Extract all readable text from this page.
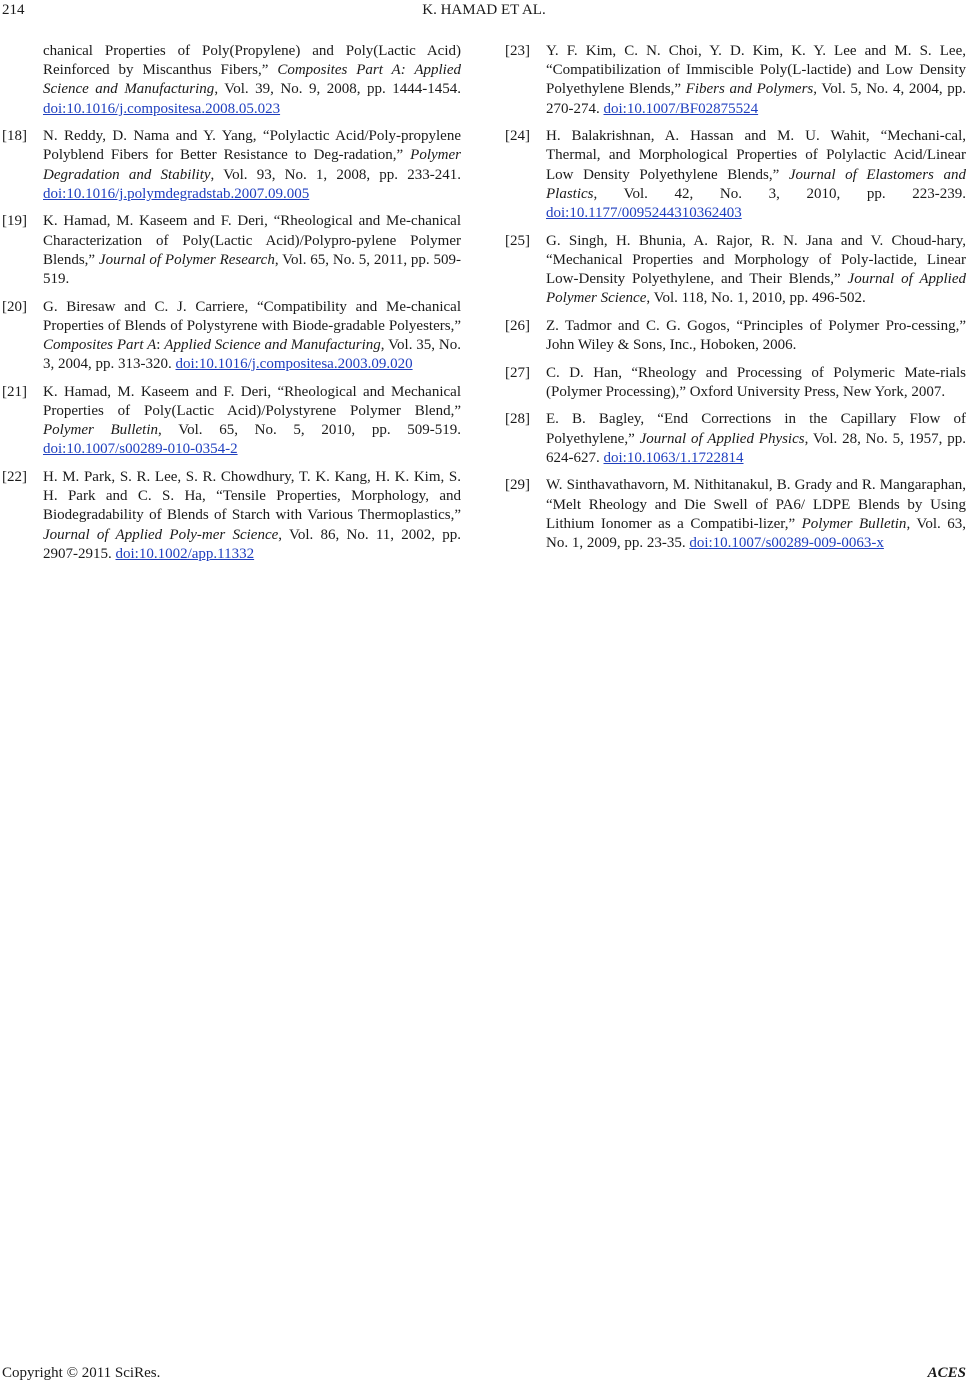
214	K. HAMAD ET AL.
chanical Properties of Poly(Propylene) and Poly(Lactic Acid) Reinforced by Miscanthus Fibers,” Composites Part A: Applied Science and Manufacturing, Vol. 39, No. 9, 2008, pp. 1444-1454. doi:10.1016/j.compositesa.2008.05.023
[18]	N. Reddy, D. Nama and Y. Yang, “Polylactic Acid/Poly-propylene Polyblend Fibers for Better Resistance to Deg-radation,” Polymer Degradation and Stability, Vol. 93, No. 1, 2008, pp. 233-241. doi:10.1016/j.polymdegradstab.2007.09.005
[19]	K. Hamad, M. Kaseem and F. Deri, “Rheological and Me-chanical Characterization of Poly(Lactic Acid)/Polypro-pylene Polymer Blends,” Journal of Polymer Research, Vol. 65, No. 5, 2011, pp. 509-519.
[20]	G. Biresaw and C. J. Carriere, “Compatibility and Me-chanical Properties of Blends of Polystyrene with Biode-gradable Polyesters,” Composites Part A: Applied Science and Manufacturing, Vol. 35, No. 3, 2004, pp. 313-320. doi:10.1016/j.compositesa.2003.09.020
[21]	K. Hamad, M. Kaseem and F. Deri, “Rheological and Mechanical Properties of Poly(Lactic Acid)/Polystyrene Polymer Blend,” Polymer Bulletin, Vol. 65, No. 5, 2010, pp. 509-519. doi:10.1007/s00289-010-0354-2
[22]	H. M. Park, S. R. Lee, S. R. Chowdhury, T. K. Kang, H. K. Kim, S. H. Park and C. S. Ha, “Tensile Properties, Morphology, and Biodegradability of Blends of Starch with Various Thermoplastics,” Journal of Applied Poly-mer Science, Vol. 86, No. 11, 2002, pp. 2907-2915. doi:10.1002/app.11332
[23]	Y. F. Kim, C. N. Choi, Y. D. Kim, K. Y. Lee and M. S. Lee, “Compatibilization of Immiscible Poly(L-lactide) and Low Density Polyethylene Blends,” Fibers and Polymers, Vol. 5, No. 4, 2004, pp. 270-274. doi:10.1007/BF02875524
[24]	H. Balakrishnan, A. Hassan and M. U. Wahit, “Mechani-cal, Thermal, and Morphological Properties of Polylactic Acid/Linear Low Density Polyethylene Blends,” Journal of Elastomers and Plastics, Vol. 42, No. 3, 2010, pp. 223-239. doi:10.1177/0095244310362403
[25]	G. Singh, H. Bhunia, A. Rajor, R. N. Jana and V. Choud-hary, “Mechanical Properties and Morphology of Poly-lactide, Linear Low-Density Polyethylene, and Their Blends,” Journal of Applied Polymer Science, Vol. 118, No. 1, 2010, pp. 496-502.
[26]	Z. Tadmor and C. G. Gogos, “Principles of Polymer Pro-cessing,” John Wiley & Sons, Inc., Hoboken, 2006.
[27]	C. D. Han, “Rheology and Processing of Polymeric Mate-rials (Polymer Processing),” Oxford University Press, New York, 2007.
[28]	E. B. Bagley, “End Corrections in the Capillary Flow of Polyethylene,” Journal of Applied Physics, Vol. 28, No. 5, 1957, pp. 624-627. doi:10.1063/1.1722814
[29]	W. Sinthavathavorn, M. Nithitanakul, B. Grady and R. Mangaraphan, “Melt Rheology and Die Swell of PA6/ LDPE Blends by Using Lithium Ionomer as a Compatibi-lizer,” Polymer Bulletin, Vol. 63, No. 1, 2009, pp. 23-35. doi:10.1007/s00289-009-0063-x
Copyright © 2011 SciRes.	ACES
